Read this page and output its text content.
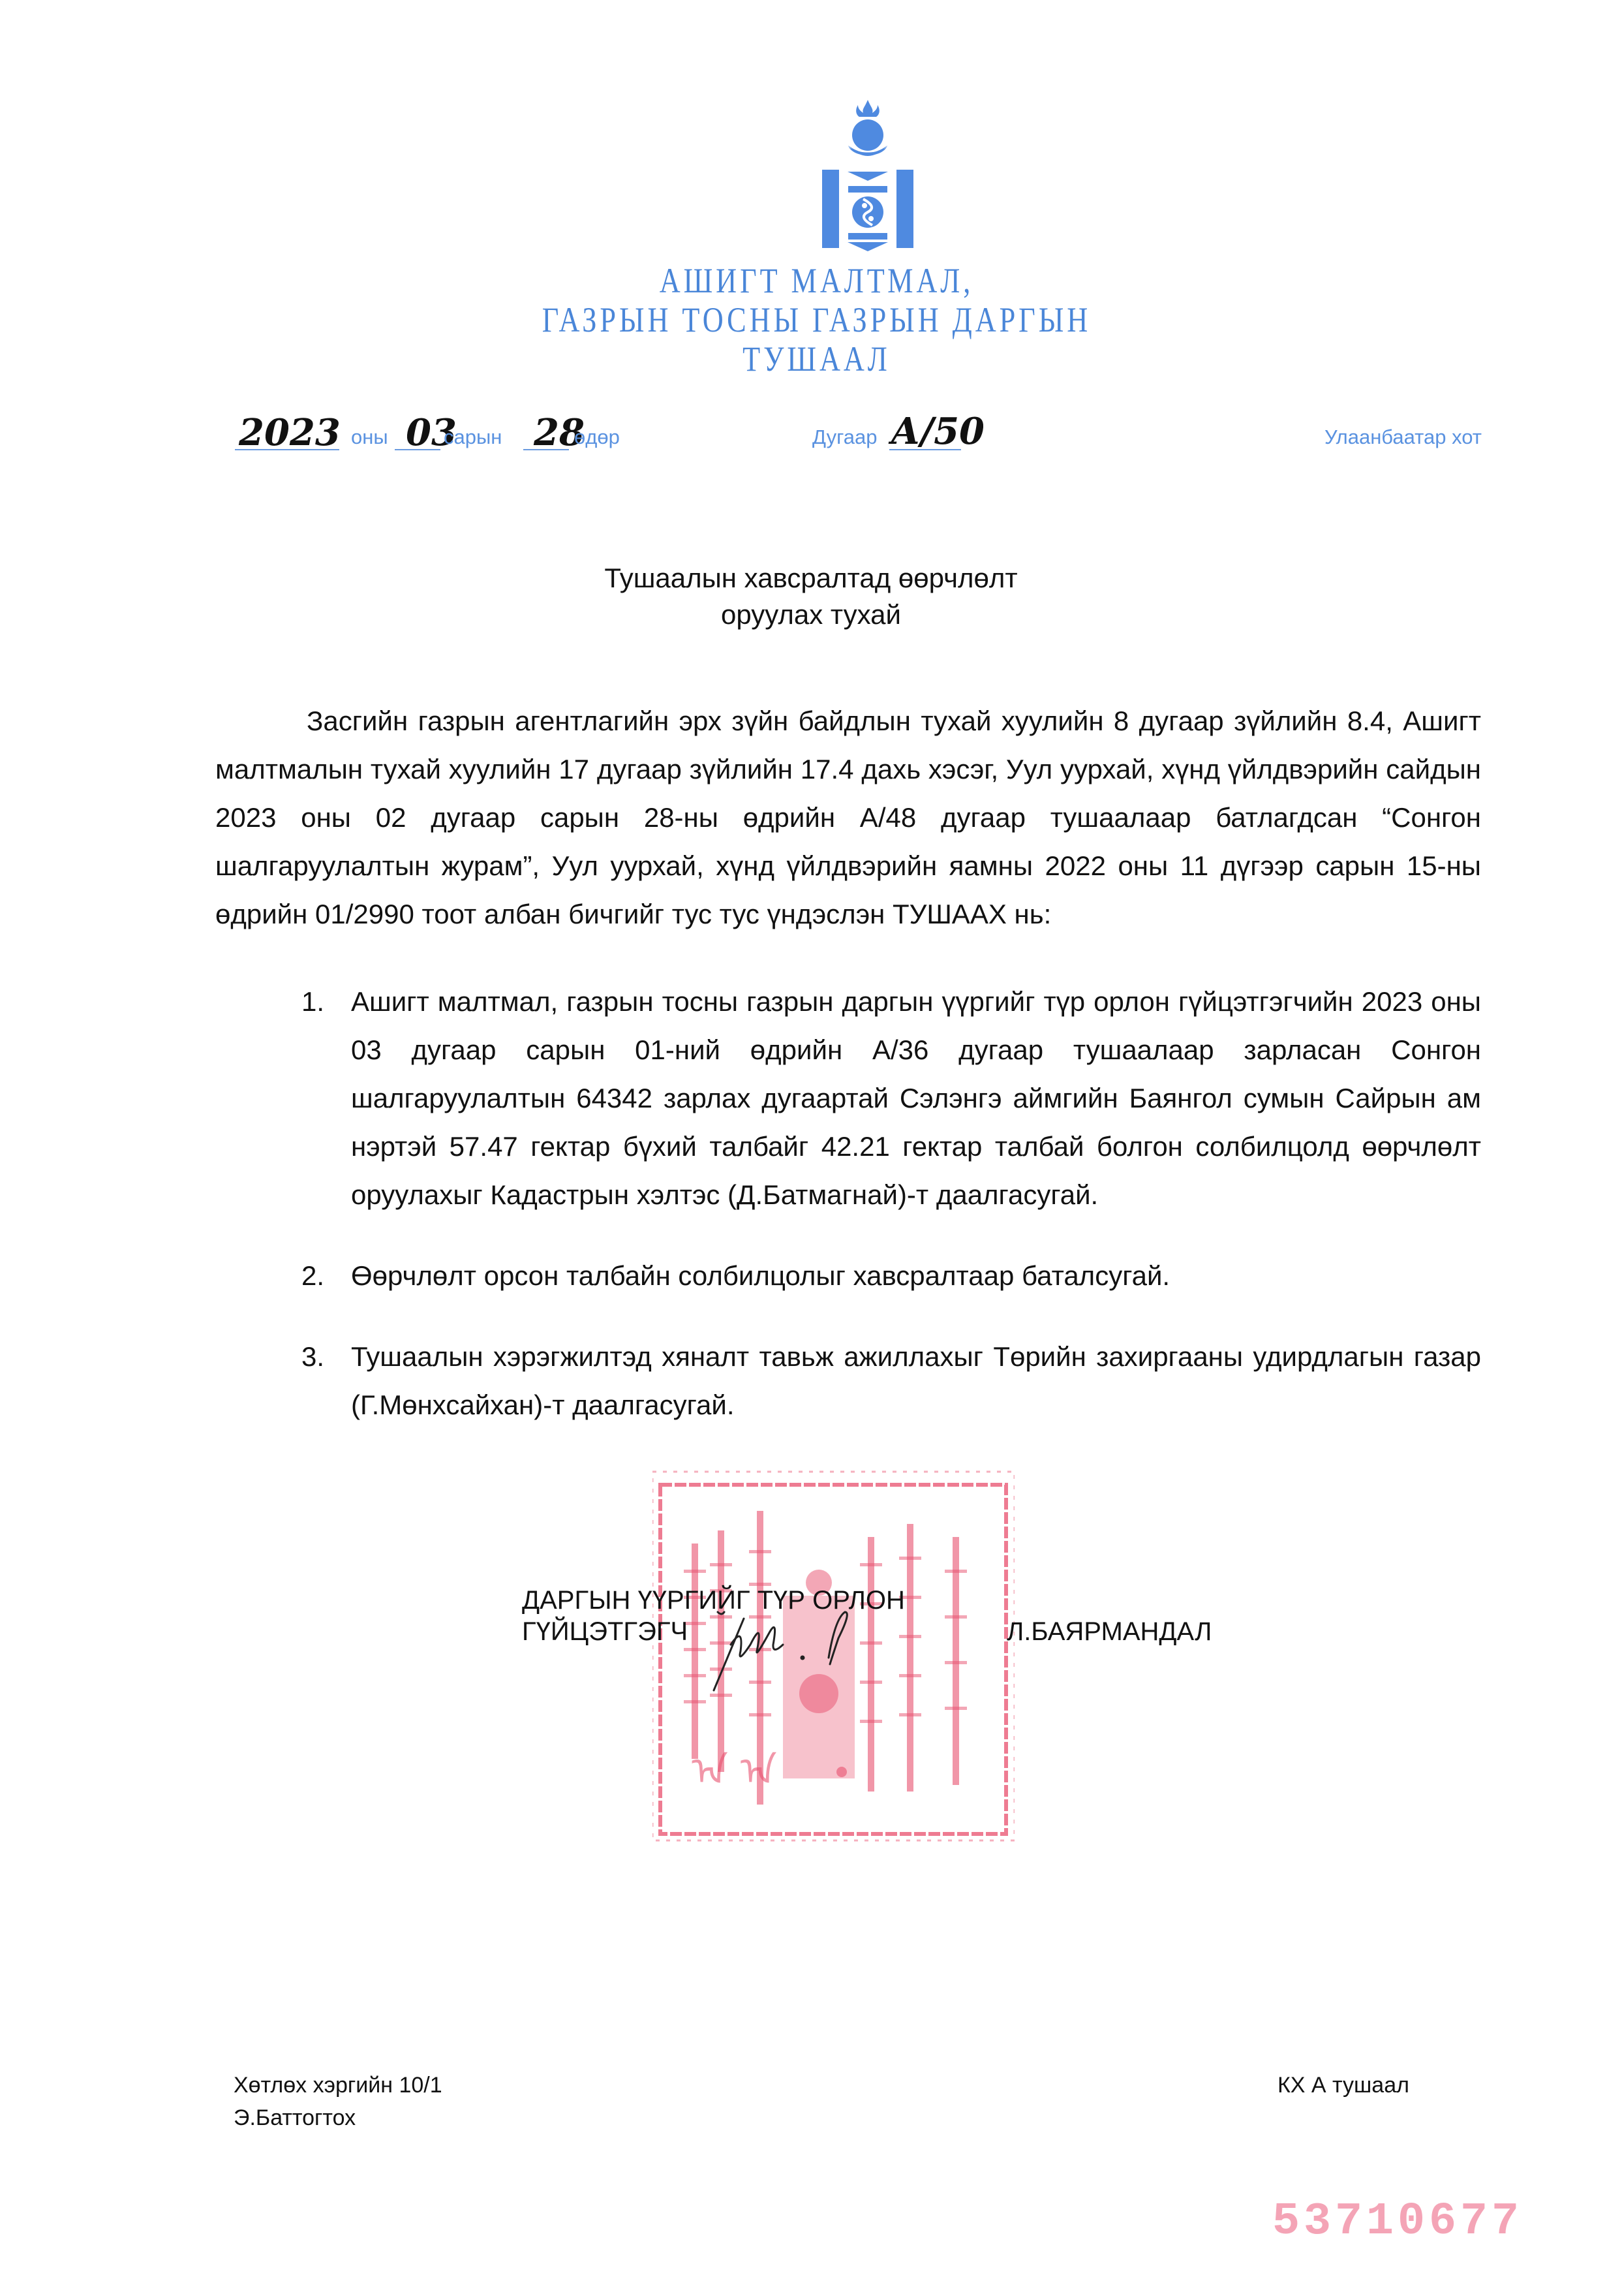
АШИГТ МАЛТМАЛ,
ГАЗРЫН ТОСНЫ ГАЗРЫН ДАРГЫН
ТУШААЛ
2023 оны 03
сарын 28
өдөр	Дугаар А/50	Улаанбаатар хот
Тушаалын хавсралтад өөрчлөлт
оруулах тухай
Засгийн газрын агентлагийн эрх зүйн байдлын тухай хуулийн 8 дугаар зүйлийн 8.4, Ашигт малтмалын тухай хуулийн 17 дугаар зүйлийн 17.4 дахь хэсэг, Уул уурхай, хүнд үйлдвэрийн сайдын 2023 оны 02 дугаар сарын 28-ны өдрийн А/48 дугаар тушаалаар батлагдсан “Сонгон шалгаруулалтын журам”, Уул уурхай, хүнд үйлдвэрийн яамны 2022 оны 11 дүгээр сарын 15-ны өдрийн 01/2990 тоот албан бичгийг тус тус үндэслэн ТУШААХ нь:
1. Ашигт малтмал, газрын тосны газрын даргын үүргийг түр орлон гүйцэтгэгчийн 2023 оны 03 дугаар сарын 01-ний өдрийн А/36 дугаар тушаалаар зарласан Сонгон шалгаруулалтын 64342 зарлах дугаартай Сэлэнгэ аймгийн Баянгол сумын Сайрын ам нэртэй 57.47 гектар бүхий талбайг 42.21 гектар талбай болгон солбилцолд өөрчлөлт оруулахыг Кадастрын хэлтэс (Д.Батмагнай)-т даалгасугай.
2. Өөрчлөлт орсон талбайн солбилцолыг хавсралтаар баталсугай.
3. Тушаалын хэрэгжилтэд хяналт тавьж ажиллахыг Төрийн захиргааны удирдлагын газар (Г.Мөнхсайхан)-т даалгасугай.
ᠠ ᠠ
ДАРГЫН ҮҮРГИЙГ ТҮР ОРЛОН
ГҮЙЦЭТГЭГЧ	Л.БАЯРМАНДАЛ
Хөтлөх хэргийн 10/1
Э.Баттогтох
КХ А тушаал
53710677
